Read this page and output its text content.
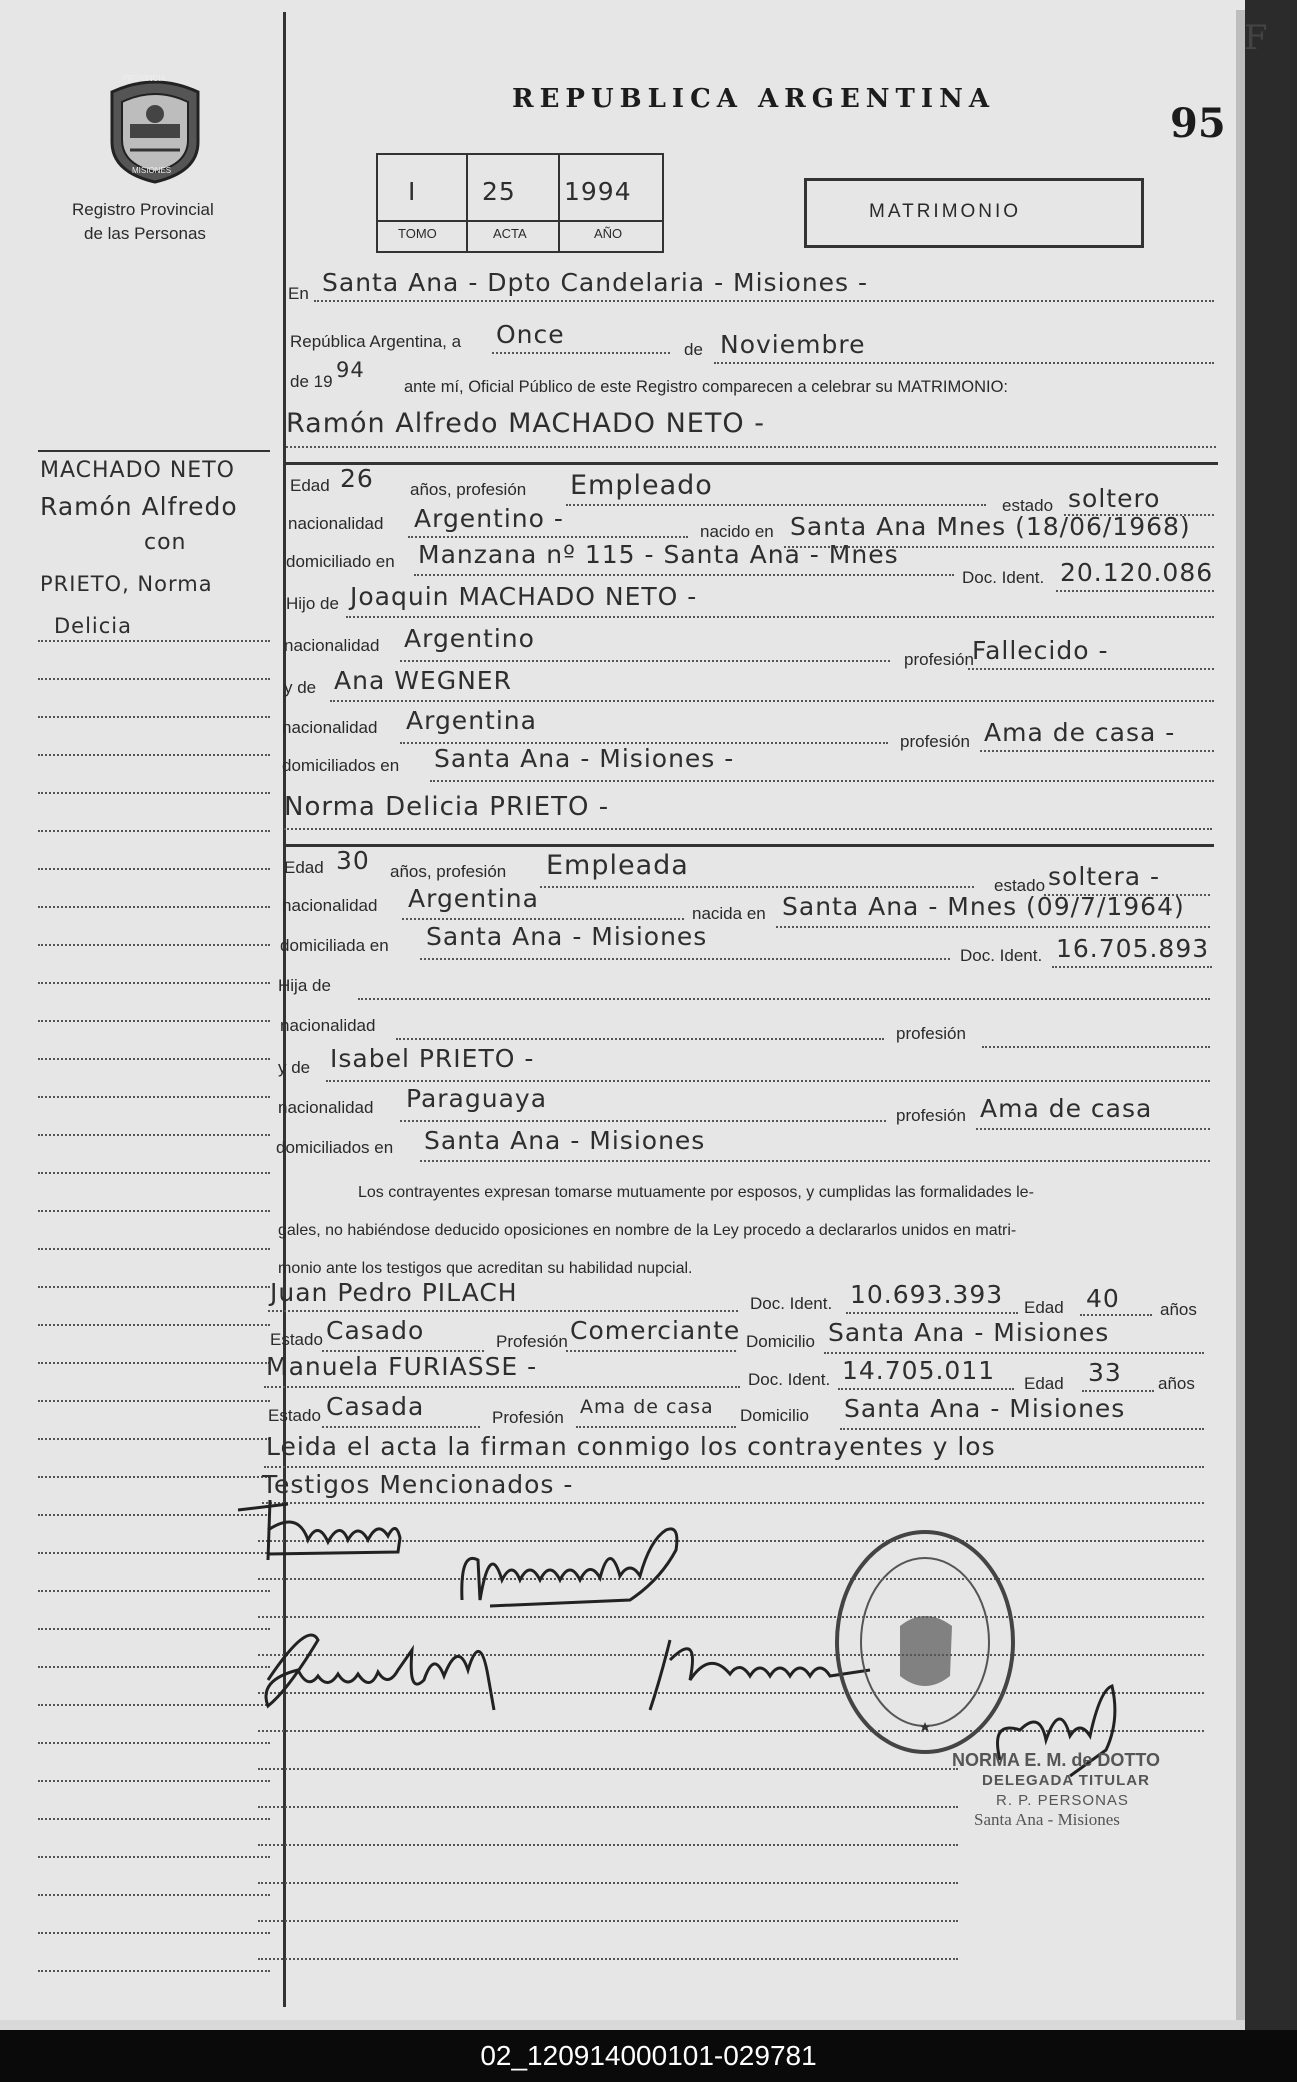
Registro Provincial
de las Personas
REPUBLICA ARGENTINA
95
F
I	25 1994
TOMO	ACTA	AÑO
MATRIMONIO
MACHADO NETO
Ramón Alfredo
con
PRIETO, Norma
Delicia
En Santa Ana - Dpto Candelaria - Misiones -
República Argentina, a Once
de Noviembre
de 19 94
ante mí, Oficial Público de este Registro comparecen a celebrar su MATRIMONIO:
Ramón Alfredo MACHADO NETO -
Edad 26 años, profesión Empleado
estado soltero
nacionalidad Argentino -	nacido en Santa Ana Mnes (18/06/1968)
domiciliado en Manzana nº 115 - Santa Ana - Mnes
Doc. Ident. 20.120.086
Hijo de Joaquin MACHADO NETO -
nacionalidad Argentino
profesión
Fallecido -
y de Ana WEGNER
nacionalidad Argentina
profesión Ama de casa -
domiciliados en Santa Ana - Misiones -
Norma Delicia PRIETO -
Edad 30 años, profesión Empleada
estado soltera -
nacionalidad Argentina
nacida en Santa Ana - Mnes (09/7/1964)
domiciliada en Santa Ana - Misiones
Doc. Ident. 16.705.893
Hija de
nacionalidad	profesión
y de Isabel PRIETO -
nacionalidad Paraguaya
profesión Ama de casa
domiciliados en Santa Ana - Misiones
Los contrayentes expresan tomarse mutuamente por esposos, y cumplidas las formalidades le-
gales, no habiéndose deducido oposiciones en nombre de la Ley procedo a declararlos unidos en matri-
monio ante los testigos que acreditan su habilidad nupcial.
Juan Pedro PILACH	Doc. Ident. 10.693.393 Edad 40 años
Estado Casado	Profesión Comerciante Domicilio Santa Ana - Misiones
Manuela FURIASSE -	Doc. Ident. 14.705.011 Edad 33 años
Estado Casada	Profesión Ama de casa Domicilio Santa Ana - Misiones
Leida el acta la firman conmigo los contrayentes y los
Testigos Mencionados -
NORMA E. M. de DOTTO
DELEGADA TITULAR
R. P. PERSONAS
Santa Ana - Misiones
PROVINCIA
MISIONES
02_120914000101-029781
